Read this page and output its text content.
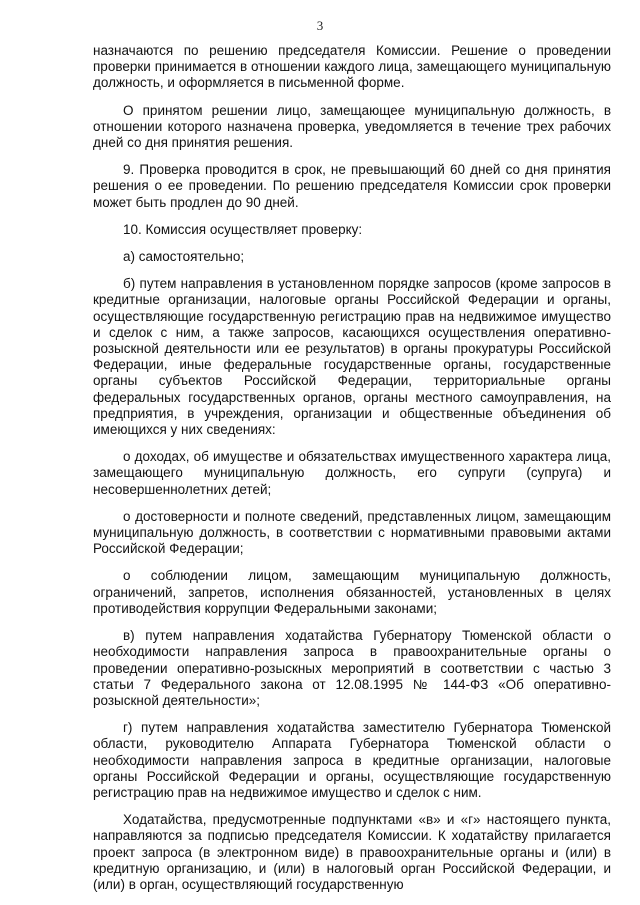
3

назначаются по решению председателя Комиссии. Решение о проведении проверки принимается в отношении каждого лица, замещающего муниципальную должность, и оформляется в письменной форме.

О принятом решении лицо, замещающее муниципальную должность, в отношении которого назначена проверка, уведомляется в течение трех рабочих дней со дня принятия решения.

9. Проверка проводится в срок, не превышающий 60 дней со дня принятия решения о ее проведении. По решению председателя Комиссии срок проверки может быть продлен до 90 дней.

10. Комиссия осуществляет проверку:

а) самостоятельно;

б) путем направления в установленном порядке запросов (кроме запросов в кредитные организации, налоговые органы Российской Федерации и органы, осуществляющие государственную регистрацию прав на недвижимое имущество и сделок с ним, а также запросов, касающихся осуществления оперативно-розыскной деятельности или ее результатов) в органы прокуратуры Российской Федерации, иные федеральные государственные органы, государственные органы субъектов Российской Федерации, территориальные органы федеральных государственных органов, органы местного самоуправления, на предприятия, в учреждения, организации и общественные объединения об имеющихся у них сведениях:

о доходах, об имуществе и обязательствах имущественного характера лица, замещающего муниципальную должность, его супруги (супруга) и несовершеннолетних детей;

о достоверности и полноте сведений, представленных лицом, замещающим муниципальную должность, в соответствии с нормативными правовыми актами Российской Федерации;

о соблюдении лицом, замещающим муниципальную должность, ограничений, запретов, исполнения обязанностей, установленных в целях противодействия коррупции Федеральными законами;

в) путем направления ходатайства Губернатору Тюменской области о необходимости направления запроса в правоохранительные органы о проведении оперативно-розыскных мероприятий в соответствии с частью 3 статьи 7 Федерального закона от 12.08.1995 № 144-ФЗ «Об оперативно-розыскной деятельности»;

г) путем направления ходатайства заместителю Губернатора Тюменской области, руководителю Аппарата Губернатора Тюменской области о необходимости направления запроса в кредитные организации, налоговые органы Российской Федерации и органы, осуществляющие государственную регистрацию прав на недвижимое имущество и сделок с ним.

Ходатайства, предусмотренные подпунктами «в» и «г» настоящего пункта, направляются за подписью председателя Комиссии. К ходатайству прилагается проект запроса (в электронном виде) в правоохранительные органы и (или) в кредитную организацию, и (или) в налоговый орган Российской Федерации, и (или) в орган, осуществляющий государственную
